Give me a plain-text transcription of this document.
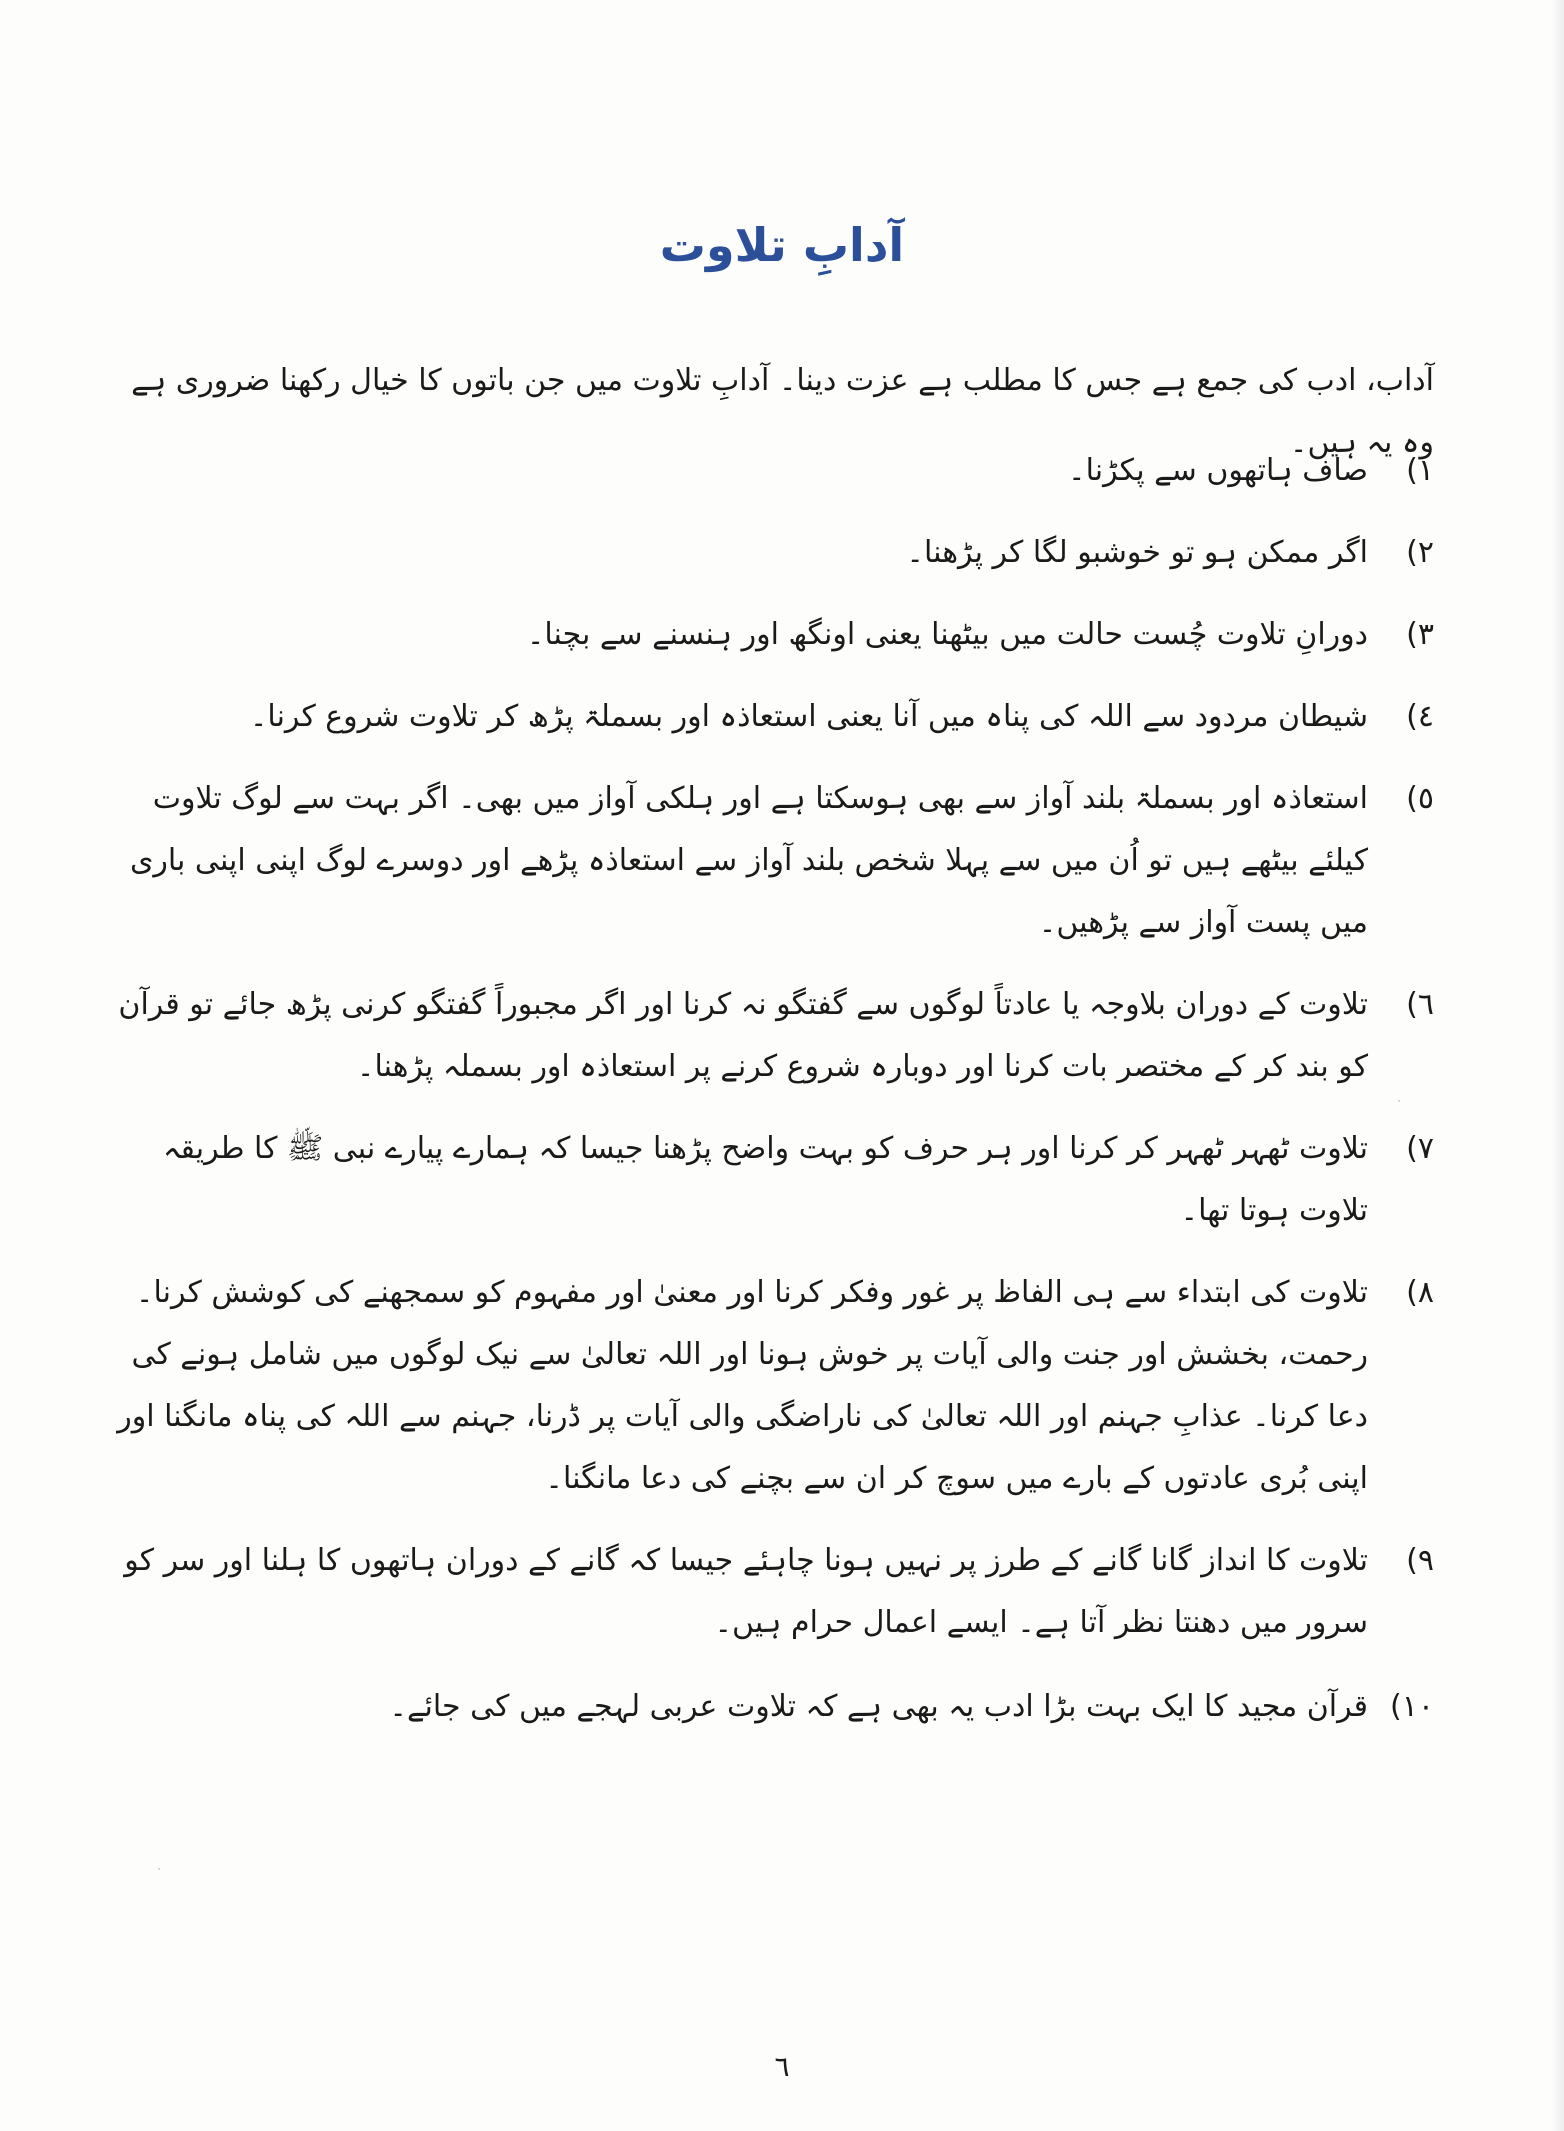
آدابِ تلاوت

آداب، ادب کی جمع ہے جس کا مطلب ہے عزت دینا۔ آدابِ تلاوت میں جن باتوں کا خیال رکھنا ضروری ہے وہ یہ ہیں۔

١)
صاف ہاتھوں سے پکڑنا۔
٢)
اگر ممکن ہو تو خوشبو لگا کر پڑھنا۔
٣)
دورانِ تلاوت چُست حالت میں بیٹھنا یعنی اونگھ اور ہنسنے سے بچنا۔
٤)
شیطان مردود سے اللہ کی پناہ میں آنا یعنی استعاذہ اور بسملۃ پڑھ کر تلاوت شروع کرنا۔
٥)
استعاذہ اور بسملۃ بلند آواز سے بھی ہوسکتا ہے اور ہلکی آواز میں بھی۔ اگر بہت سے لوگ تلاوت کیلئے بیٹھے ہیں تو اُن میں سے پہلا شخص بلند آواز سے استعاذہ پڑھے اور دوسرے لوگ اپنی اپنی باری میں پست آواز سے پڑھیں۔
٦)
تلاوت کے دوران بلاوجہ یا عادتاً لوگوں سے گفتگو نہ کرنا اور اگر مجبوراً گفتگو کرنی پڑھ جائے تو قرآن کو بند کر کے مختصر بات کرنا اور دوبارہ شروع کرنے پر استعاذہ اور بسملہ پڑھنا۔
٧)
تلاوت ٹھہر ٹھہر کر کرنا اور ہر حرف کو بہت واضح پڑھنا جیسا کہ ہمارے پیارے نبی ﷺ کا طریقہ تلاوت ہوتا تھا۔
٨)
تلاوت کی ابتداء سے ہی الفاظ پر غور وفکر کرنا اور معنیٰ اور مفہوم کو سمجھنے کی کوشش کرنا۔ رحمت، بخشش اور جنت والی آیات پر خوش ہونا اور اللہ تعالیٰ سے نیک لوگوں میں شامل ہونے کی دعا کرنا۔ عذابِ جہنم اور اللہ تعالیٰ کی ناراضگی والی آیات پر ڈرنا، جہنم سے اللہ کی پناہ مانگنا اور اپنی بُری عادتوں کے بارے میں سوچ کر ان سے بچنے کی دعا مانگنا۔
٩)
تلاوت کا انداز گانا گانے کے طرز پر نہیں ہونا چاہئے جیسا کہ گانے کے دوران ہاتھوں کا ہلنا اور سر کو سرور میں دھنتا نظر آتا ہے۔ ایسے اعمال حرام ہیں۔
١٠)
قرآن مجید کا ایک بہت بڑا ادب یہ بھی ہے کہ تلاوت عربی لہجے میں کی جائے۔
٦
